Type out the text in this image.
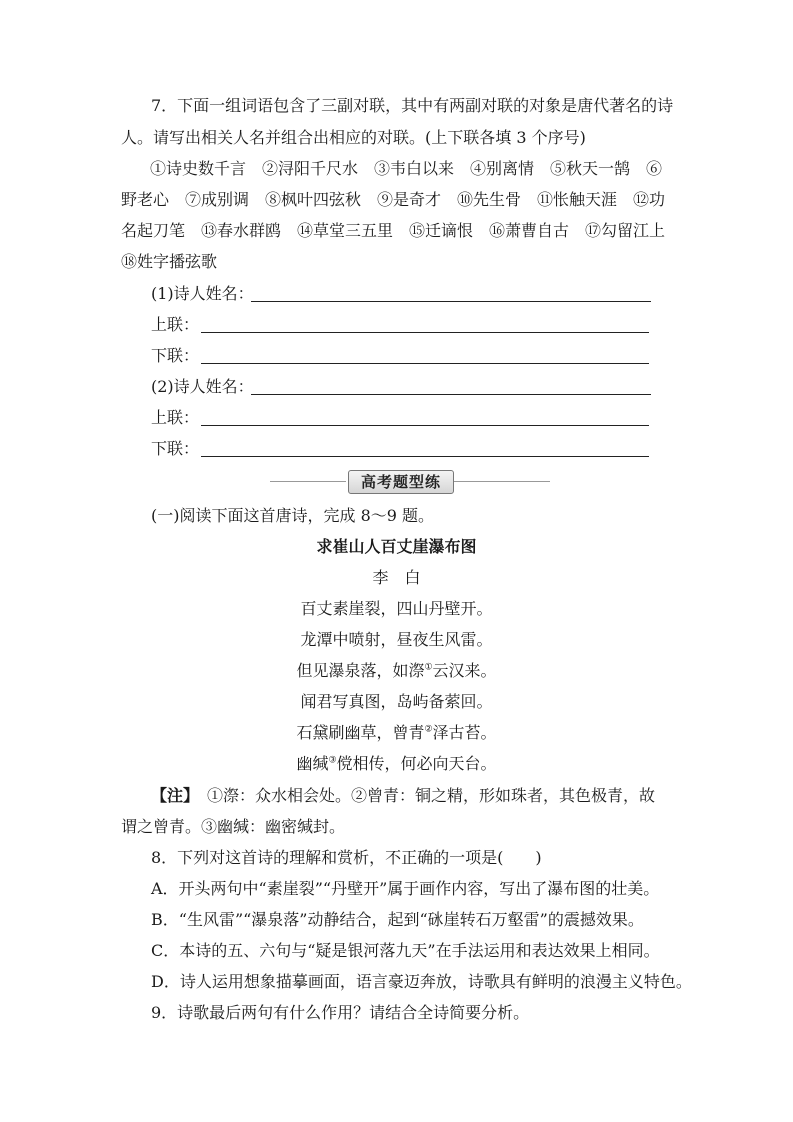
7．下面一组词语包含了三副对联，其中有两副对联的对象是唐代著名的诗
人。请写出相关人名并组合出相应的对联。(上下联各填 3 个序号)
①诗史数千言　②浔阳千尺水　③韦白以来　④别离情　⑤秋天一鹄　⑥
野老心　⑦成别调　⑧枫叶四弦秋　⑨是奇才　⑩先生骨　⑪怅触天涯　⑫功
名起刀笔　⑬春水群鸥　⑭草堂三五里　⑮迁谪恨　⑯萧曹自古　⑰勾留江上
⑱姓字播弦歌
(1)诗人姓名：
上联：
下联：
(2)诗人姓名：
上联：
下联：
高考题型练
(一)阅读下面这首唐诗，完成 8～9 题。
求崔山人百丈崖瀑布图
李　白
百丈素崖裂，四山丹壁开。
龙潭中喷射，昼夜生风雷。
但见瀑泉落，如漈①云汉来。
闻君写真图，岛屿备萦回。
石黛刷幽草，曾青②泽古苔。
幽缄③傥相传，何必向天台。
【注】　①漈：众水相会处。②曾青：铜之精，形如珠者，其色极青，故
谓之曾青。③幽缄：幽密缄封。
8．下列对这首诗的理解和赏析，不正确的一项是(　　)
A．开头两句中“素崖裂”“丹壁开”属于画作内容，写出了瀑布图的壮美。
B．“生风雷”“瀑泉落”动静结合，起到“砯崖转石万壑雷”的震撼效果。
C．本诗的五、六句与“疑是银河落九天”在手法运用和表达效果上相同。
D．诗人运用想象描摹画面，语言豪迈奔放，诗歌具有鲜明的浪漫主义特色。
9．诗歌最后两句有什么作用？请结合全诗简要分析。
